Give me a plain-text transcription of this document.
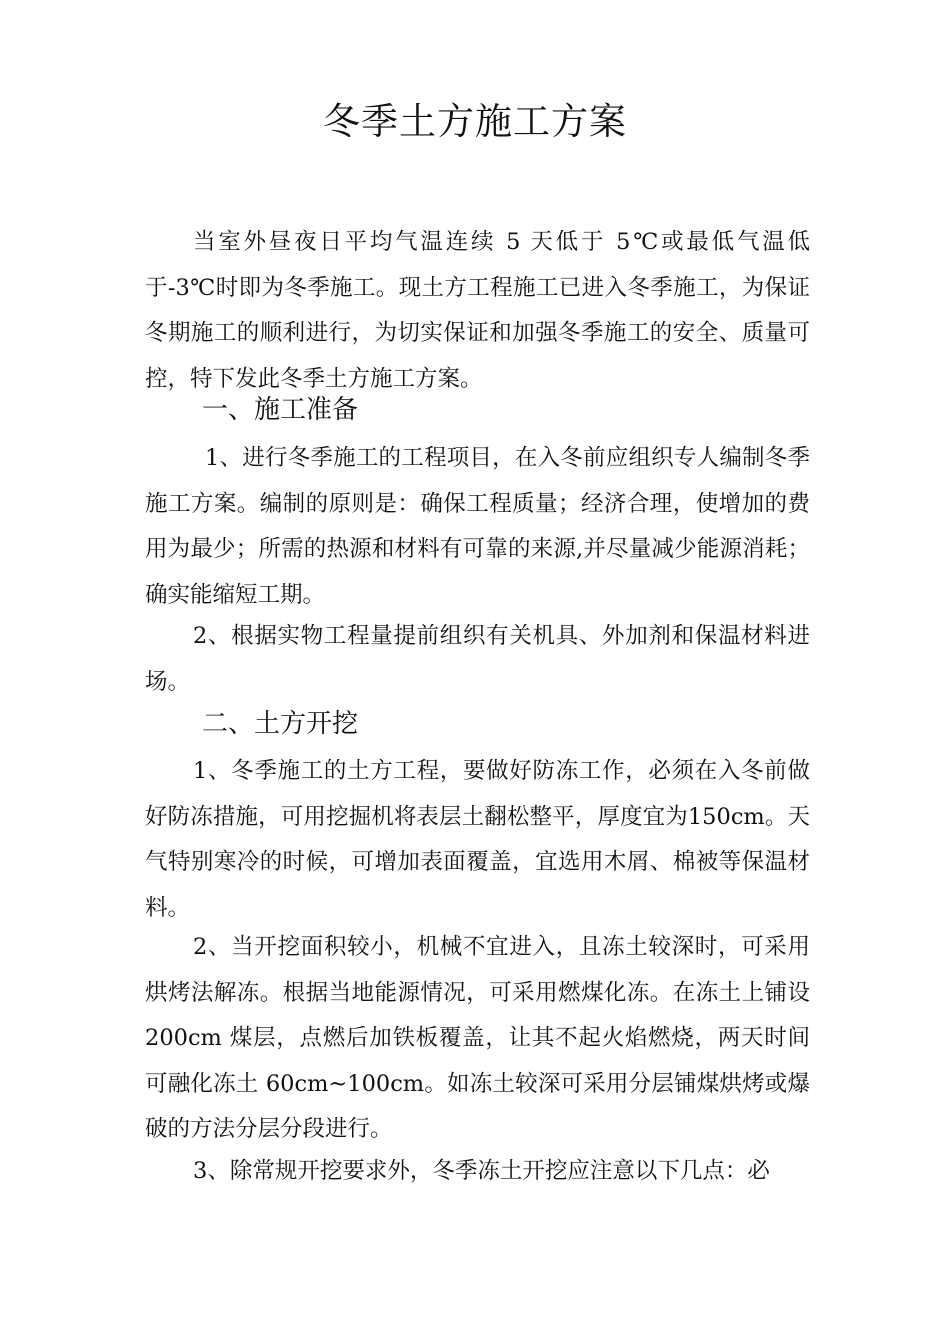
冬季土方施工方案

当室外昼夜日平均气温连续 5 天低于 5℃或最低气温低于-3℃时即为冬季施工。现土方工程施工已进入冬季施工，为保证冬期施工的顺利进行，为切实保证和加强冬季施工的安全、质量可控，特下发此冬季土方施工方案。

一、施工准备

1、进行冬季施工的工程项目，在入冬前应组织专人编制冬季施工方案。编制的原则是：确保工程质量；经济合理，使增加的费用为最少；所需的热源和材料有可靠的来源,并尽量减少能源消耗；确实能缩短工期。

2、根据实物工程量提前组织有关机具、外加剂和保温材料进场。

二、土方开挖

1、冬季施工的土方工程，要做好防冻工作，必须在入冬前做好防冻措施，可用挖掘机将表层土翻松整平，厚度宜为150cm。天气特别寒冷的时候，可增加表面覆盖，宜选用木屑、棉被等保温材料。

2、当开挖面积较小，机械不宜进入，且冻土较深时，可采用烘烤法解冻。根据当地能源情况，可采用燃煤化冻。在冻土上铺设 200cm 煤层，点燃后加铁板覆盖，让其不起火焰燃烧，两天时间可融化冻土 60cm~100cm。如冻土较深可采用分层铺煤烘烤或爆破的方法分层分段进行。

3、除常规开挖要求外，冬季冻土开挖应注意以下几点：必
